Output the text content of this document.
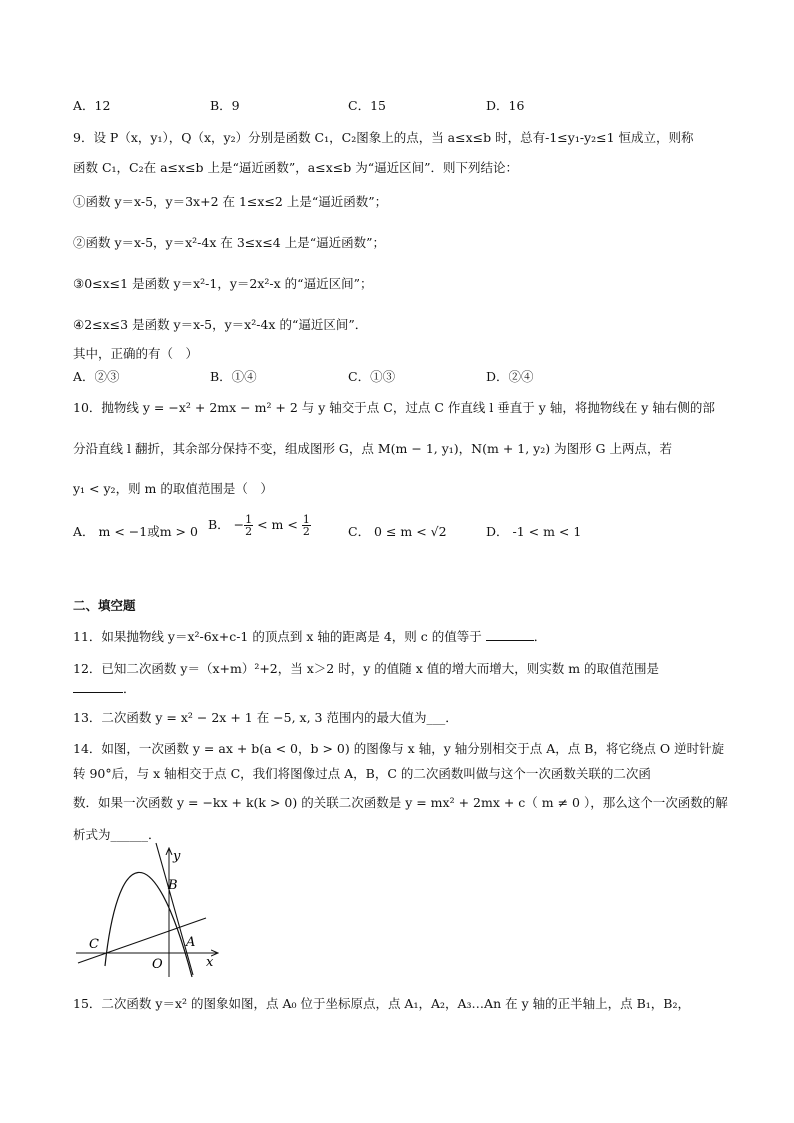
A．12	B．9	C．15	D．16
9．设 P（x，y₁），Q（x，y₂）分别是函数 C₁，C₂图象上的点，当 a≤x≤b 时，总有-1≤y₁-y₂≤1 恒成立，则称
函数 C₁，C₂在 a≤x≤b 上是“逼近函数”，a≤x≤b 为“逼近区间”．则下列结论：
①函数 y＝x-5，y＝3x+2 在 1≤x≤2 上是“逼近函数”；
②函数 y＝x-5，y＝x²-4x 在 3≤x≤4 上是“逼近函数”；
③0≤x≤1 是函数 y＝x²-1，y＝2x²-x 的“逼近区间”；
④2≤x≤3 是函数 y＝x-5，y＝x²-4x 的“逼近区间”．
其中，正确的有（　）
A．②③	B．①④	C．①③	D．②④
10．抛物线 y = −x² + 2mx − m² + 2 与 y 轴交于点 C，过点 C 作直线 l 垂直于 y 轴，将抛物线在 y 轴右侧的部
分沿直线 l 翻折，其余部分保持不变，组成图形 G，点 M(m − 1, y₁)，N(m + 1, y₂) 为图形 G 上两点，若
y₁ < y₂，则 m 的取值范围是（　）
A． m < −1或m > 0 B． − $\frac{1}{2} < m < \frac{1}{2}$	C． 0 ≤ m < √2	D． -1 < m < 1
二、填空题
11．如果抛物线 y＝x²-6x+c-1 的顶点到 x 轴的距离是 4，则 c 的值等于	．
12．已知二次函数 y＝（x+m）²+2，当 x＞2 时，y 的值随 x 值的增大而增大，则实数 m 的取值范围是
．
13．二次函数 y = x² − 2x + 1 在 −5, x, 3 范围内的最大值为___．
14．如图，一次函数 y = ax + b(a < 0，b > 0) 的图像与 x 轴，y 轴分别相交于点 A，点 B，将它绕点 O 逆时针旋
转 90°后，与 x 轴相交于点 C，我们将图像过点 A，B，C 的二次函数叫做与这个一次函数关联的二次函
数．如果一次函数 y = −kx + k(k > 0) 的关联二次函数是 y = mx² + 2mx + c（ m ≠ 0 ），那么这个一次函数的解
析式为______．
y
x
B
A
C
O
15．二次函数 y＝x² 的图象如图，点 A₀ 位于坐标原点，点 A₁，A₂，A₃…An 在 y 轴的正半轴上，点 B₁，B₂，
